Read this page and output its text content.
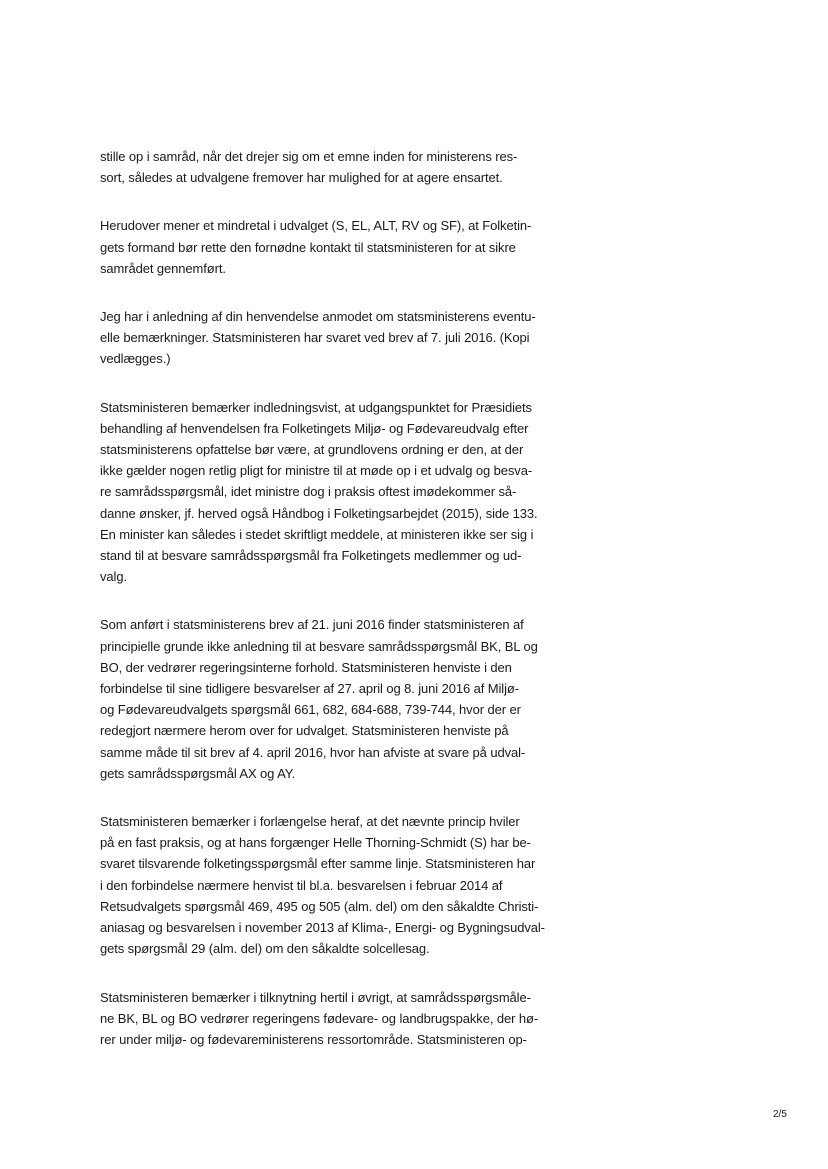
stille op i samråd, når det drejer sig om et emne inden for ministerens res-
sort, således at udvalgene fremover har mulighed for at agere ensartet.

Herudover mener et mindretal i udvalget (S, EL, ALT, RV og SF), at Folketin-
gets formand bør rette den fornødne kontakt til statsministeren for at sikre
samrådet gennemført.

Jeg har i anledning af din henvendelse anmodet om statsministerens eventu-
elle bemærkninger. Statsministeren har svaret ved brev af 7. juli 2016. (Kopi
vedlægges.)

Statsministeren bemærker indledningsvist, at udgangspunktet for Præsidiets
behandling af henvendelsen fra Folketingets Miljø- og Fødevareudvalg efter
statsministerens opfattelse bør være, at grundlovens ordning er den, at der
ikke gælder nogen retlig pligt for ministre til at møde op i et udvalg og besva-
re samrådsspørgsmål, idet ministre dog i praksis oftest imødekommer så-
danne ønsker, jf. herved også Håndbog i Folketingsarbejdet (2015), side 133.
En minister kan således i stedet skriftligt meddele, at ministeren ikke ser sig i
stand til at besvare samrådsspørgsmål fra Folketingets medlemmer og ud-
valg.

Som anført i statsministerens brev af 21. juni 2016 finder statsministeren af
principielle grunde ikke anledning til at besvare samrådsspørgsmål BK, BL og
BO, der vedrører regeringsinterne forhold. Statsministeren henviste i den
forbindelse til sine tidligere besvarelser af 27. april og 8. juni 2016 af Miljø-
og Fødevareudvalgets spørgsmål 661, 682, 684-688, 739-744, hvor der er
redegjort nærmere herom over for udvalget. Statsministeren henviste på
samme måde til sit brev af 4. april 2016, hvor han afviste at svare på udval-
gets samrådsspørgsmål AX og AY.

Statsministeren bemærker i forlængelse heraf, at det nævnte princip hviler
på en fast praksis, og at hans forgænger Helle Thorning-Schmidt (S) har be-
svaret tilsvarende folketingsspørgsmål efter samme linje. Statsministeren har
i den forbindelse nærmere henvist til bl.a. besvarelsen i februar 2014 af
Retsudvalgets spørgsmål 469, 495 og 505 (alm. del) om den såkaldte Christi-
aniasag og besvarelsen i november 2013 af Klima-, Energi- og Bygningsudval-
gets spørgsmål 29 (alm. del) om den såkaldte solcellesag.

Statsministeren bemærker i tilknytning hertil i øvrigt, at samrådsspørgsmåle-
ne BK, BL og BO vedrører regeringens fødevare- og landbrugspakke, der hø-
rer under miljø- og fødevareministerens ressortområde. Statsministeren op-

2/5
